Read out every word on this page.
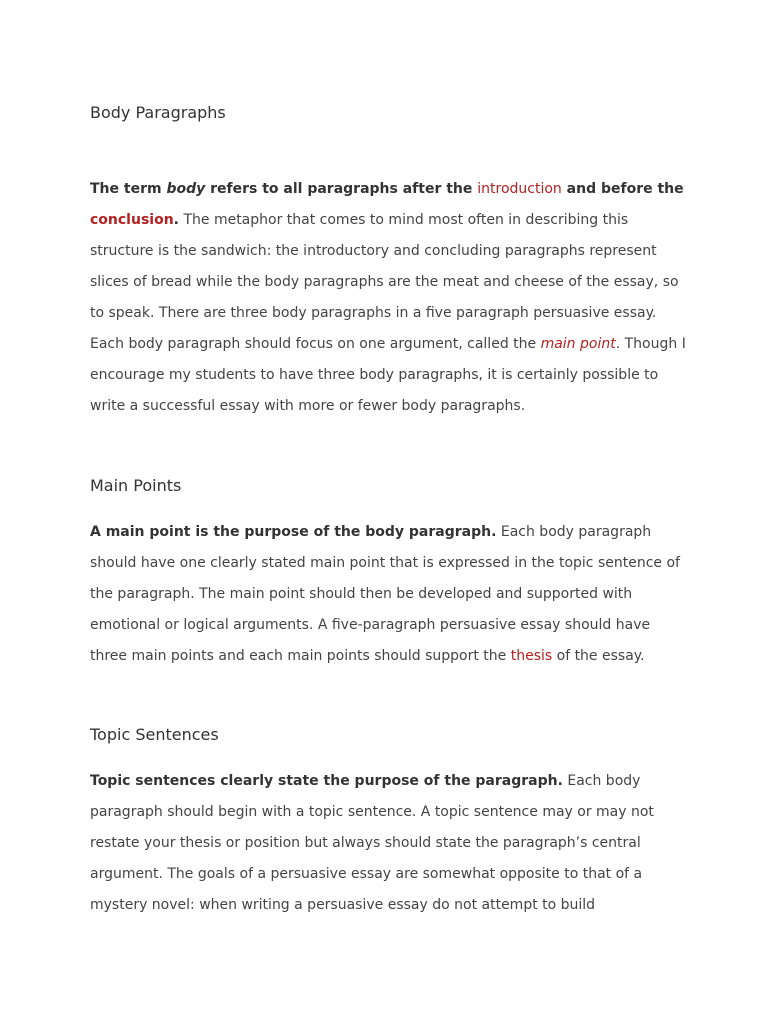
Body Paragraphs

The term body refers to all paragraphs after the introduction and before the conclusion. The metaphor that comes to mind most often in describing this structure is the sandwich: the introductory and concluding paragraphs represent slices of bread while the body paragraphs are the meat and cheese of the essay, so to speak. There are three body paragraphs in a five paragraph persuasive essay. Each body paragraph should focus on one argument, called the main point. Though I encourage my students to have three body paragraphs, it is certainly possible to write a successful essay with more or fewer body paragraphs.

Main Points

A main point is the purpose of the body paragraph. Each body paragraph should have one clearly stated main point that is expressed in the topic sentence of the paragraph. The main point should then be developed and supported with emotional or logical arguments. A five-paragraph persuasive essay should have three main points and each main points should support the thesis of the essay.

Topic Sentences

Topic sentences clearly state the purpose of the paragraph. Each body paragraph should begin with a topic sentence. A topic sentence may or may not restate your thesis or position but always should state the paragraph’s central argument. The goals of a persuasive essay are somewhat opposite to that of a mystery novel: when writing a persuasive essay do not attempt to build
